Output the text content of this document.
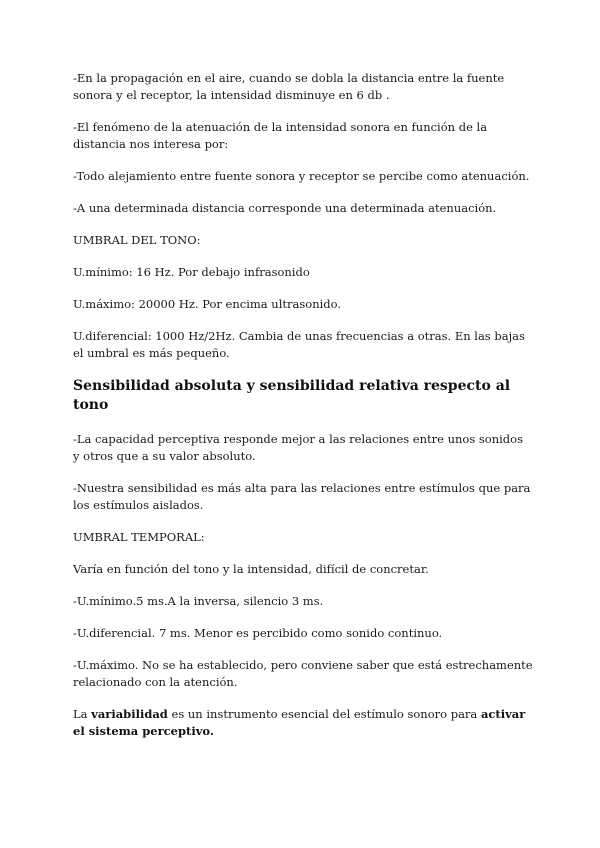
-En la propagación en el aire, cuando se dobla la distancia entre la fuente sonora y el receptor, la intensidad disminuye en 6 db .

-El fenómeno de la atenuación de la intensidad sonora en función de la distancia nos interesa por:

-Todo alejamiento entre fuente sonora y receptor se percibe como atenuación.

-A una determinada distancia corresponde una determinada atenuación.

UMBRAL DEL TONO:

U.mínimo: 16 Hz. Por debajo infrasonido

U.máximo: 20000 Hz. Por encima ultrasonido.

U.diferencial: 1000 Hz/2Hz. Cambia de unas frecuencias a otras. En las bajas el umbral es más pequeño.

Sensibilidad absoluta y sensibilidad relativa respecto al tono

-La capacidad perceptiva responde mejor a las relaciones entre unos sonidos y otros que a su valor absoluto.

-Nuestra sensibilidad es más alta para las relaciones entre estímulos que para los estímulos aislados.

UMBRAL TEMPORAL:

Varía en función del tono y la intensidad, difícil de concretar.

-U.mínimo.5 ms.A la inversa, silencio 3 ms.

-U.diferencial. 7 ms. Menor es percibido como sonido continuo.

-U.máximo. No se ha establecido, pero conviene saber que está estrechamente relacionado con la atención.

La variabilidad es un instrumento esencial del estímulo sonoro para activar el sistema perceptivo.
